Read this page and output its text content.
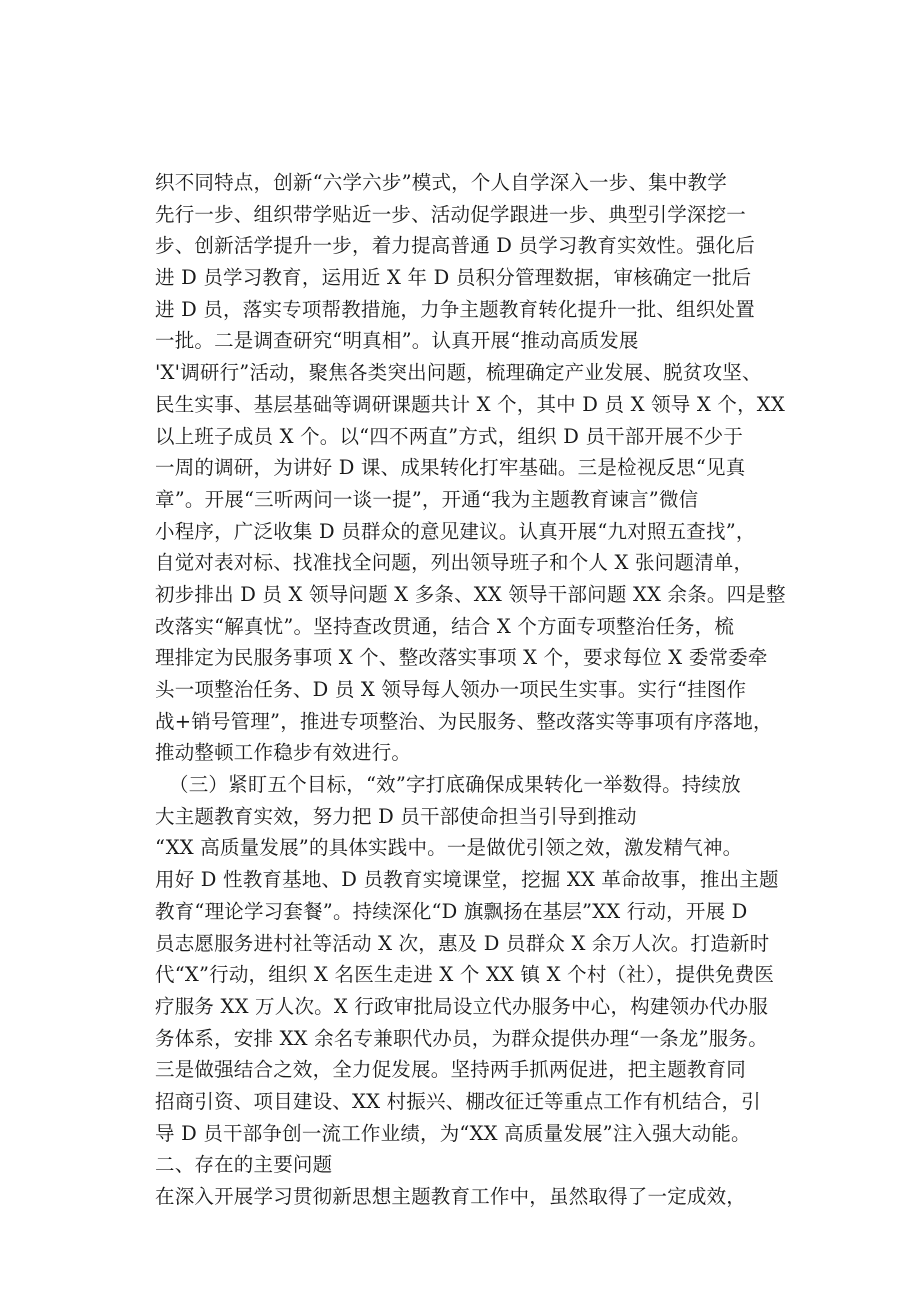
织不同特点，创新“六学六步”模式，个人自学深入一步、集中教学
先行一步、组织带学贴近一步、活动促学跟进一步、典型引学深挖一
步、创新活学提升一步，着力提高普通 D 员学习教育实效性。强化后
进 D 员学习教育，运用近 X 年 D 员积分管理数据，审核确定一批后
进 D 员，落实专项帮教措施，力争主题教育转化提升一批、组织处置
一批。二是调查研究“明真相”。认真开展“推动高质发展
'X'调研行”活动，聚焦各类突出问题，梳理确定产业发展、脱贫攻坚、
民生实事、基层基础等调研课题共计 X 个，其中 D 员 X 领导 X 个，XX
以上班子成员 X 个。以“四不两直”方式，组织 D 员干部开展不少于
一周的调研，为讲好 D 课、成果转化打牢基础。三是检视反思“见真
章”。开展“三听两问一谈一提”，开通“我为主题教育谏言”微信
小程序，广泛收集 D 员群众的意见建议。认真开展“九对照五查找”，
自觉对表对标、找准找全问题，列出领导班子和个人 X 张问题清单，
初步排出 D 员 X 领导问题 X 多条、XX 领导干部问题 XX 余条。四是整
改落实“解真忧”。坚持查改贯通，结合 X 个方面专项整治任务，梳
理排定为民服务事项 X 个、整改落实事项 X 个，要求每位 X 委常委牵
头一项整治任务、D 员 X 领导每人领办一项民生实事。实行“挂图作
战+销号管理”，推进专项整治、为民服务、整改落实等事项有序落地，
推动整顿工作稳步有效进行。
（三）紧盯五个目标，“效”字打底确保成果转化一举数得。持续放
大主题教育实效，努力把 D 员干部使命担当引导到推动
“XX 高质量发展”的具体实践中。一是做优引领之效，激发精气神。
用好 D 性教育基地、D 员教育实境课堂，挖掘 XX 革命故事，推出主题
教育“理论学习套餐”。持续深化“D 旗飘扬在基层”XX 行动，开展 D
员志愿服务进村社等活动 X 次，惠及 D 员群众 X 余万人次。打造新时
代“X”行动，组织 X 名医生走进 X 个 XX 镇 X 个村（社），提供免费医
疗服务 XX 万人次。X 行政审批局设立代办服务中心，构建领办代办服
务体系，安排 XX 余名专兼职代办员，为群众提供办理“一条龙”服务。
三是做强结合之效，全力促发展。坚持两手抓两促进，把主题教育同
招商引资、项目建设、XX 村振兴、棚改征迁等重点工作有机结合，引
导 D 员干部争创一流工作业绩，为“XX 高质量发展”注入强大动能。
二、存在的主要问题
在深入开展学习贯彻新思想主题教育工作中，虽然取得了一定成效，
